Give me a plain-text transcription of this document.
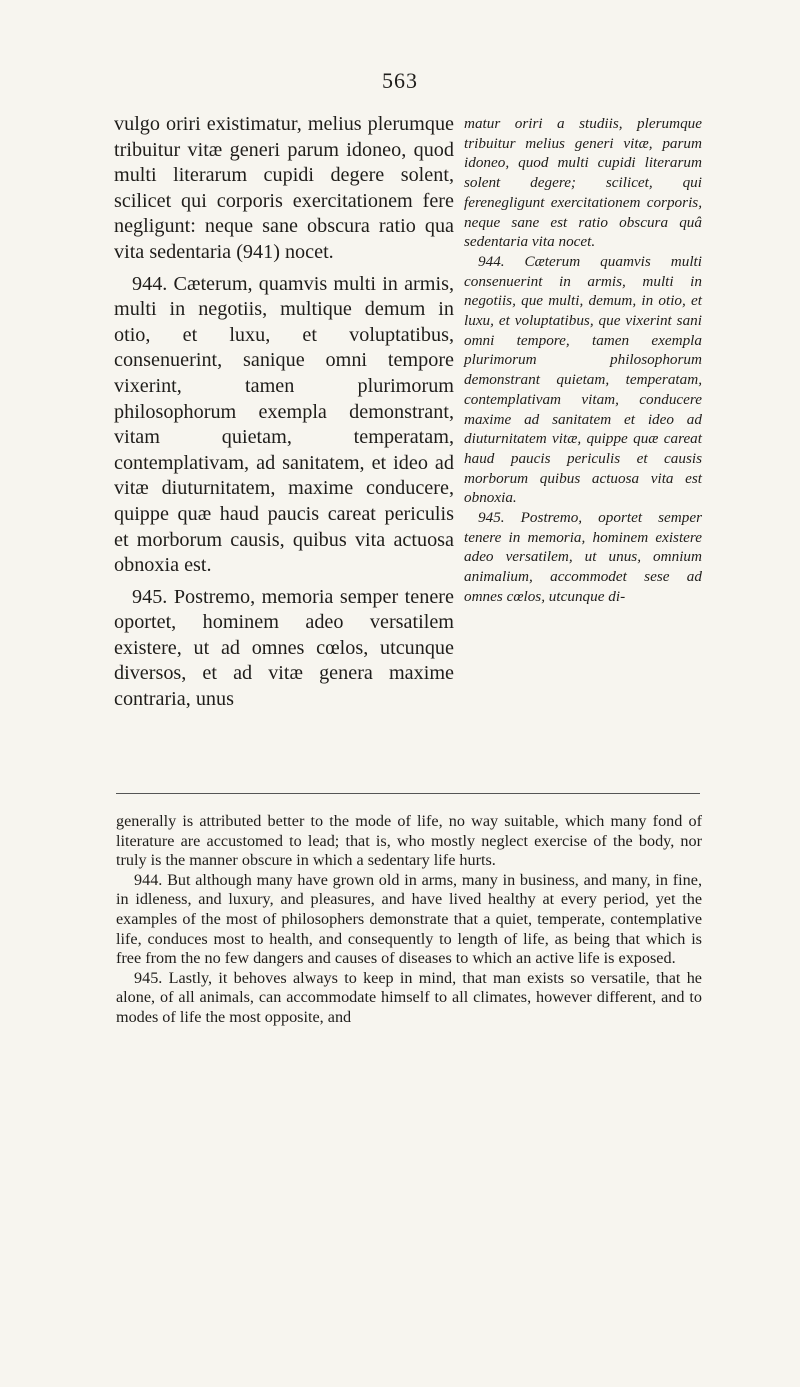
563

vulgo oriri existimatur, melius plerumque tribuitur vitæ generi parum idoneo, quod multi literarum cupidi degere solent, scilicet qui corporis exercitationem fere negligunt: neque sane obscura ratio qua vita sedentaria (941) nocet.

944. Cæterum, quamvis multi in armis, multi in negotiis, multique demum in otio, et luxu, et voluptatibus, consenuerint, sanique omni tempore vixerint, tamen plurimorum philosophorum exempla demonstrant, vitam quietam, temperatam, contemplativam, ad sanitatem, et ideo ad vitæ diuturnitatem, maxime conducere, quippe quæ haud paucis careat periculis et morborum causis, quibus vita actuosa obnoxia est.

945. Postremo, memoria semper tenere oportet, hominem adeo versatilem existere, ut ad omnes cœlos, utcunque diversos, et ad vitæ genera maxime contraria, unus

matur oriri a studiis, plerumque tribuitur melius generi vitæ, parum idoneo, quod multi cupidi literarum solent degere; scilicet, qui ferenegligunt exercitationem corporis, neque sane est ratio obscura quâ sedentaria vita nocet.

944. Cæterum quamvis multi consenuerint in armis, multi in negotiis, que multi, demum, in otio, et luxu, et voluptatibus, que vixerint sani omni tempore, tamen exempla plurimorum philosophorum demonstrant quietam, temperatam, contemplativam vitam, conducere maxime ad sanitatem et ideo ad diuturnitatem vitæ, quippe quæ careat haud paucis periculis et causis morborum quibus actuosa vita est obnoxia.

945. Postremo, oportet semper tenere in memoria, hominem existere adeo versatilem, ut unus, omnium animalium, accommodet sese ad omnes cœlos, utcunque di-

generally is attributed better to the mode of life, no way suitable, which many fond of literature are accustomed to lead; that is, who mostly neglect exercise of the body, nor truly is the manner obscure in which a sedentary life hurts.

944. But although many have grown old in arms, many in business, and many, in fine, in idleness, and luxury, and pleasures, and have lived healthy at every period, yet the examples of the most of philosophers demonstrate that a quiet, temperate, contemplative life, conduces most to health, and consequently to length of life, as being that which is free from the no few dangers and causes of diseases to which an active life is exposed.

945. Lastly, it behoves always to keep in mind, that man exists so versatile, that he alone, of all animals, can accommodate himself to all climates, however different, and to modes of life the most opposite, and
